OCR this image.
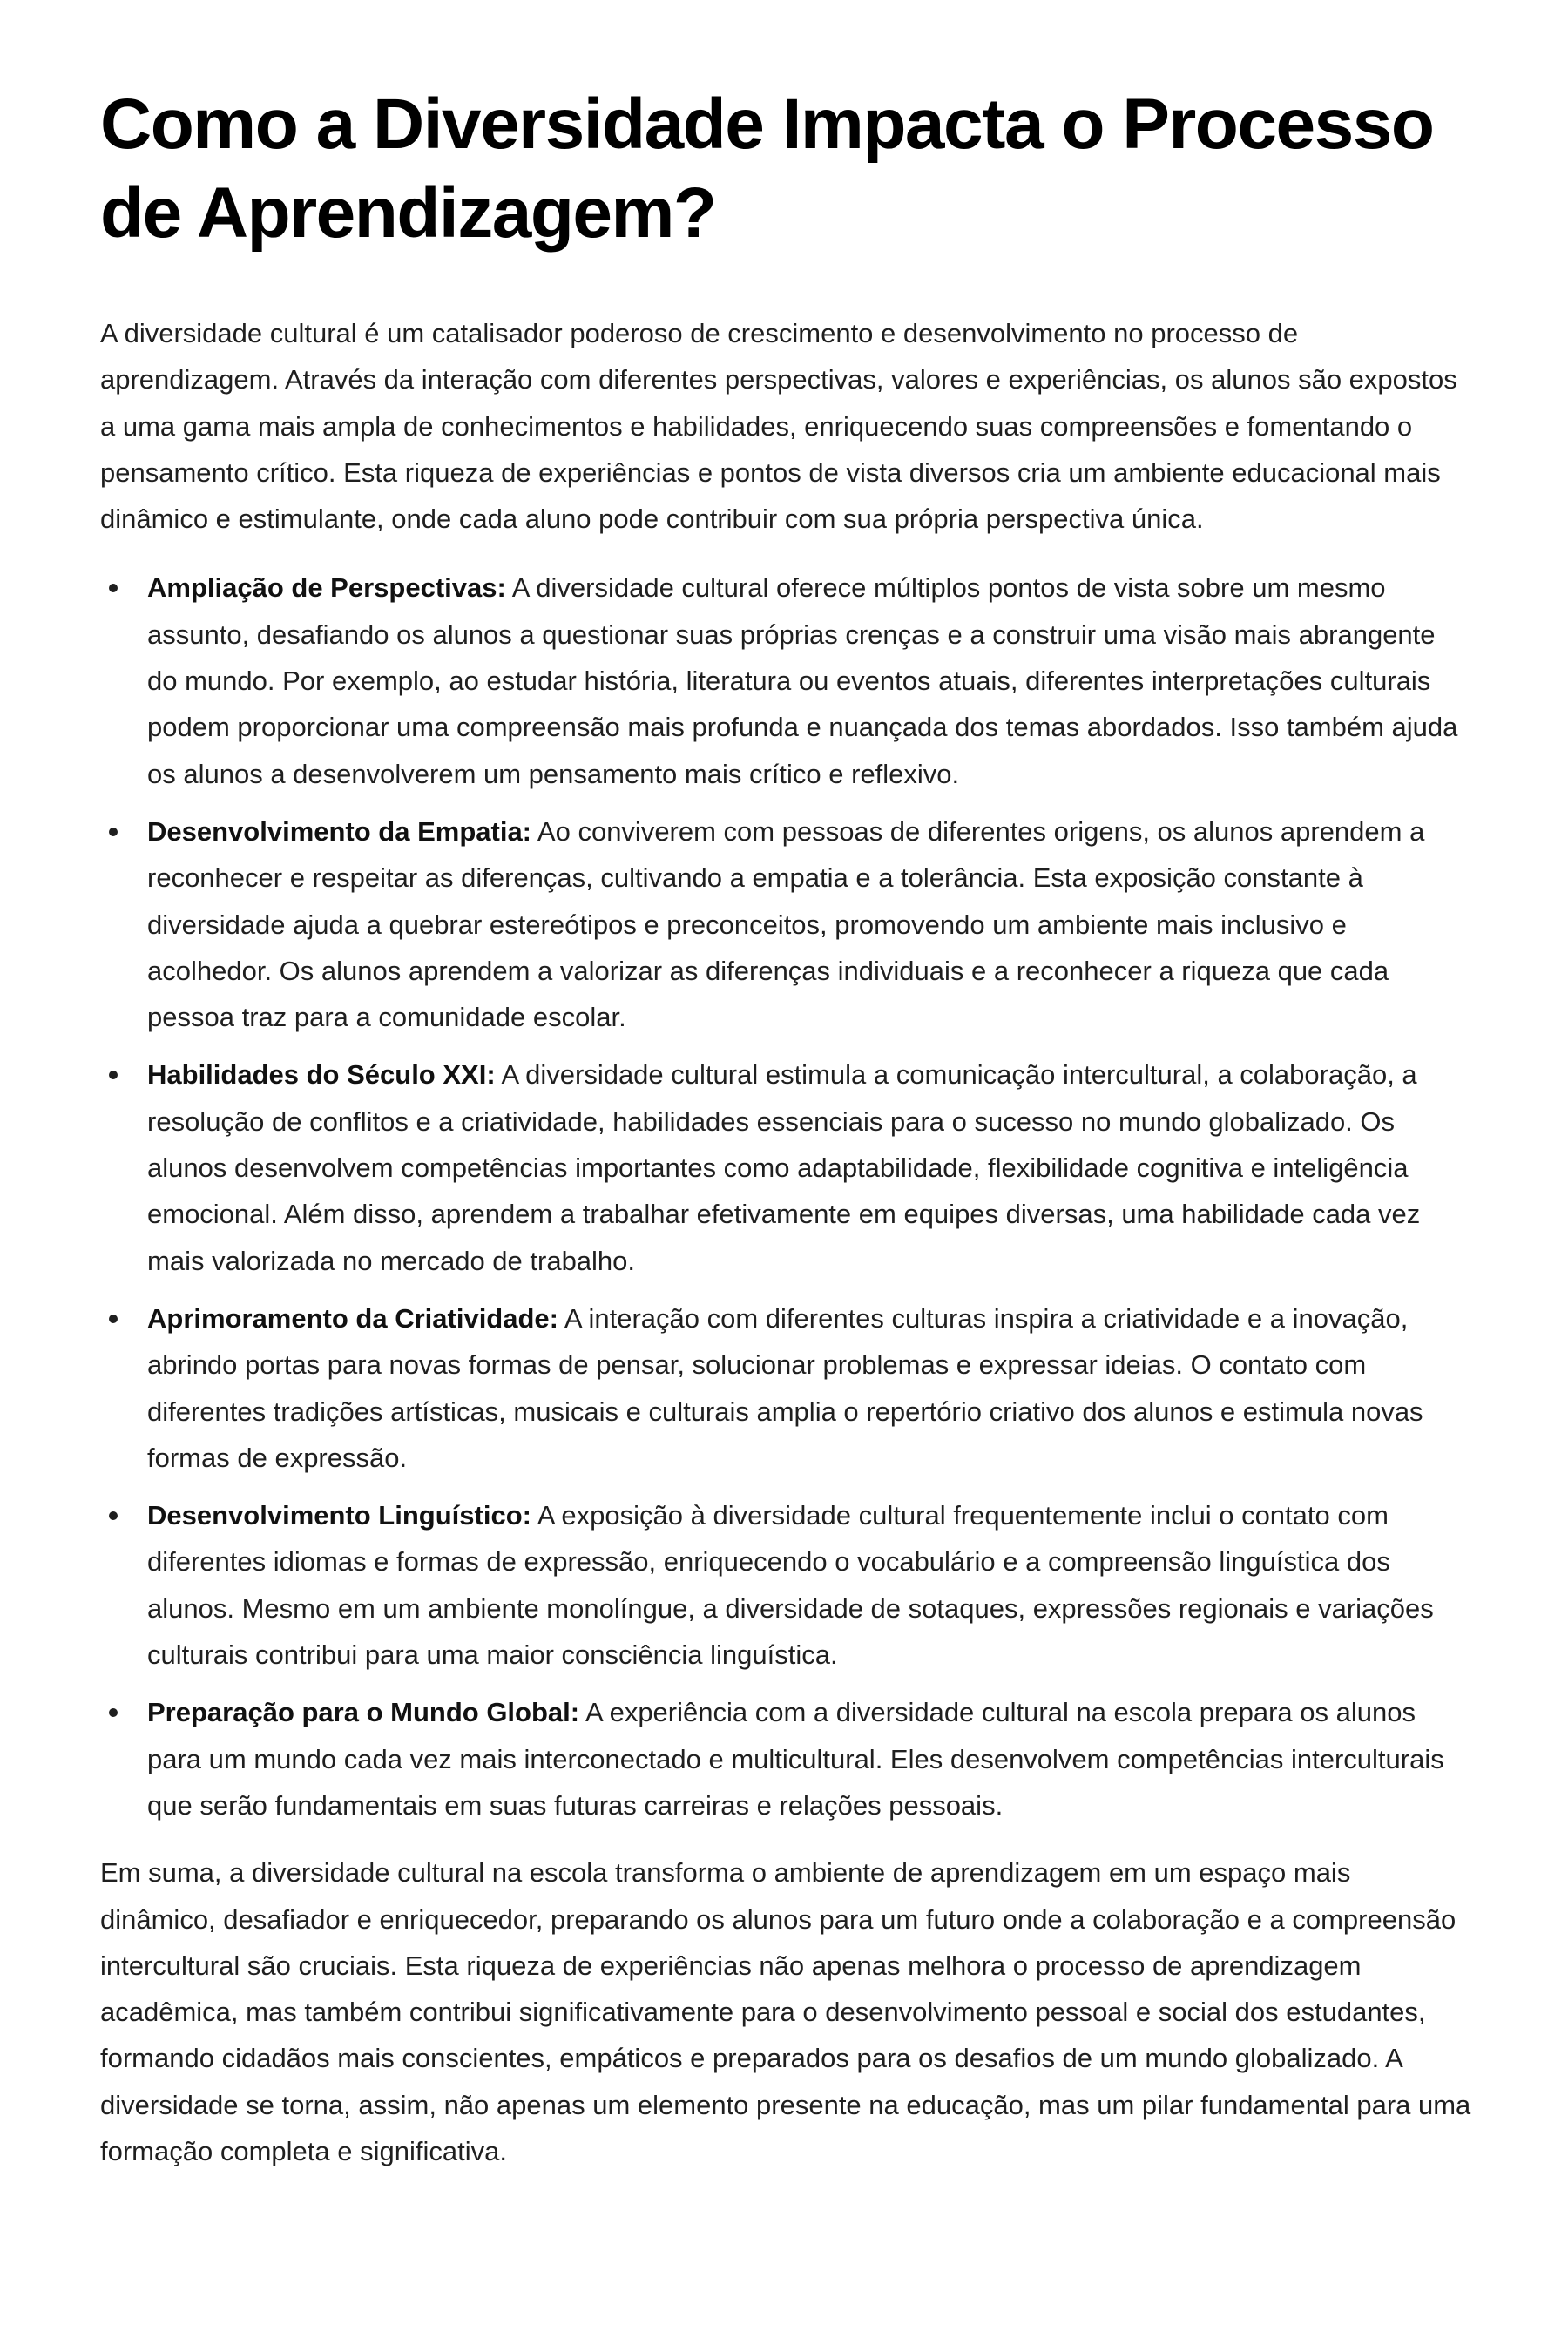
Como a Diversidade Impacta o Processo de Aprendizagem?

A diversidade cultural é um catalisador poderoso de crescimento e desenvolvimento no processo de aprendizagem. Através da interação com diferentes perspectivas, valores e experiências, os alunos são expostos a uma gama mais ampla de conhecimentos e habilidades, enriquecendo suas compreensões e fomentando o pensamento crítico. Esta riqueza de experiências e pontos de vista diversos cria um ambiente educacional mais dinâmico e estimulante, onde cada aluno pode contribuir com sua própria perspectiva única.

Ampliação de Perspectivas: A diversidade cultural oferece múltiplos pontos de vista sobre um mesmo assunto, desafiando os alunos a questionar suas próprias crenças e a construir uma visão mais abrangente do mundo. Por exemplo, ao estudar história, literatura ou eventos atuais, diferentes interpretações culturais podem proporcionar uma compreensão mais profunda e nuançada dos temas abordados. Isso também ajuda os alunos a desenvolverem um pensamento mais crítico e reflexivo.
Desenvolvimento da Empatia: Ao conviverem com pessoas de diferentes origens, os alunos aprendem a reconhecer e respeitar as diferenças, cultivando a empatia e a tolerância. Esta exposição constante à diversidade ajuda a quebrar estereótipos e preconceitos, promovendo um ambiente mais inclusivo e acolhedor. Os alunos aprendem a valorizar as diferenças individuais e a reconhecer a riqueza que cada pessoa traz para a comunidade escolar.
Habilidades do Século XXI: A diversidade cultural estimula a comunicação intercultural, a colaboração, a resolução de conflitos e a criatividade, habilidades essenciais para o sucesso no mundo globalizado. Os alunos desenvolvem competências importantes como adaptabilidade, flexibilidade cognitiva e inteligência emocional. Além disso, aprendem a trabalhar efetivamente em equipes diversas, uma habilidade cada vez mais valorizada no mercado de trabalho.
Aprimoramento da Criatividade: A interação com diferentes culturas inspira a criatividade e a inovação, abrindo portas para novas formas de pensar, solucionar problemas e expressar ideias. O contato com diferentes tradições artísticas, musicais e culturais amplia o repertório criativo dos alunos e estimula novas formas de expressão.
Desenvolvimento Linguístico: A exposição à diversidade cultural frequentemente inclui o contato com diferentes idiomas e formas de expressão, enriquecendo o vocabulário e a compreensão linguística dos alunos. Mesmo em um ambiente monolíngue, a diversidade de sotaques, expressões regionais e variações culturais contribui para uma maior consciência linguística.
Preparação para o Mundo Global: A experiência com a diversidade cultural na escola prepara os alunos para um mundo cada vez mais interconectado e multicultural. Eles desenvolvem competências interculturais que serão fundamentais em suas futuras carreiras e relações pessoais.

Em suma, a diversidade cultural na escola transforma o ambiente de aprendizagem em um espaço mais dinâmico, desafiador e enriquecedor, preparando os alunos para um futuro onde a colaboração e a compreensão intercultural são cruciais. Esta riqueza de experiências não apenas melhora o processo de aprendizagem acadêmica, mas também contribui significativamente para o desenvolvimento pessoal e social dos estudantes, formando cidadãos mais conscientes, empáticos e preparados para os desafios de um mundo globalizado. A diversidade se torna, assim, não apenas um elemento presente na educação, mas um pilar fundamental para uma formação completa e significativa.
